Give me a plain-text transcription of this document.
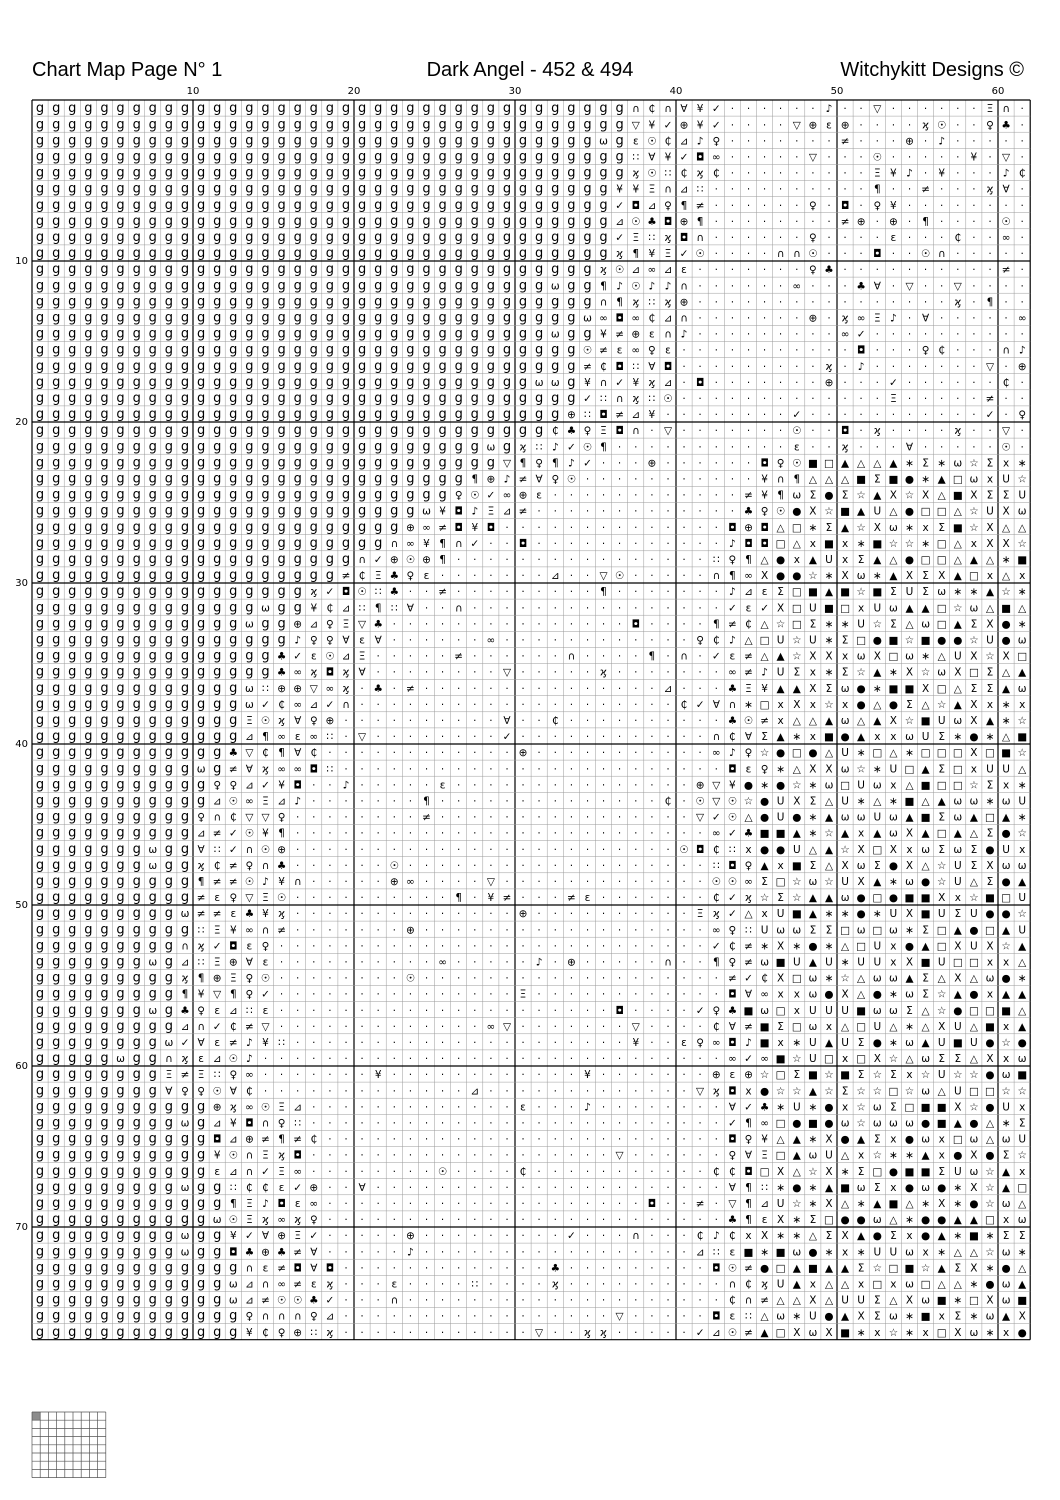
Chart Map Page N° 1	Dark Angel - 452 & 494	Witchykitt Designs ©
10	20	30	40	50	60
10
20
30
40
50
60
70
g g g g g g g g g g g g g g g g g g g g g g g g g g g g g g g g g g g g g ∩ ₵ ∩ ∀ ¥ ✓ · · · · · · ♪ · · ▽ · · · · · · Ξ ∩ ·
g g g g g g g g g g g g g g g g g g g g g g g g g g g g g g g g g g g g g ▽ ¥ ✓ ⊕ ¥ ✓ · · · · ▽ ⊕ ε ⊕ · · · · ϗ ☉ · · ♀ ♣ ·
g g g g g g g g g g g g g g g g g g g g g g g g g g g g g g g g g g g ω g ε ☉ ₵ ⊿ ♪ ♀ · · · · · · · ≠ · · · ⊕ · ♪ · · · · ·
g g g g g g g g g g g g g g g g g g g g g g g g g g g g g g g g g g g g g ∷ ∀ ¥ ✓ ◘ ∞ · · · · · ▽ · · · ☉ · · · · · ¥ · ▽ ·
g g g g g g g g g g g g g g g g g g g g g g g g g g g g g g g g g g g g g ϗ ☉ ∷ ₵ ϗ ₵ · · · · · · · · · Ξ ¥ ♪ · ¥ · · · ♪ ₵
g g g g g g g g g g g g g g g g g g g g g g g g g g g g g g g g g g g g ¥ ¥ Ξ ∩ ⊿ ∷ · · · · · · · · · · ¶ · · ≠ · · · ϗ ∀ ·
g g g g g g g g g g g g g g g g g g g g g g g g g g g g g g g g g g g g ✓ ◘ ⊿ ♀ ¶ ≠ · · · · · · ♀ · ◘ · ♀ ¥ · · · · · · · ·
g g g g g g g g g g g g g g g g g g g g g g g g g g g g g g g g g g g g ⊿ ☉ ♣ ◘ ⊕ ¶ · · · · · · · · ≠ ⊕ · ⊕ · ¶ · · · · ☉ ·
g g g g g g g g g g g g g g g g g g g g g g g g g g g g g g g g g g g g ✓ Ξ ∷ ϗ ◘ ∩ · · · · · · ♀ · · · · ε · · · ₵ · · ∞ ·
g g g g g g g g g g g g g g g g g g g g g g g g g g g g g g g g g g g g ϗ ¶ ¥ Ξ ✓ ☉ · · · · ∩ ∩ ☉ · · · ◘ · · ☉ ∩ · · · · ·
g g g g g g g g g g g g g g g g g g g g g g g g g g g g g g g g g g g ϗ ☉ ⊿ ∞ ⊿ ε · · · · · · · ♀ ♣ · · · · · · · · · · ≠ ·
g g g g g g g g g g g g g g g g g g g g g g g g g g g g g g g g ω g g ¶ ♪ ☉ ♪ ♪ ∩ · · · · · · ∞ · · · ♣ ∀ · ▽ · · ▽ · · · ·
g g g g g g g g g g g g g g g g g g g g g g g g g g g g g g g g g g g ∩ ¶ ϗ ∷ ϗ ⊕ · · · · · · · · · · · · · · · · ϗ · ¶ · ·
g g g g g g g g g g g g g g g g g g g g g g g g g g g g g g g g g g ω ∞ ◘ ∞ ₵ ⊿ ∩ · · · · · · · ⊕ · ϗ ∞ Ξ ♪ · ∀ · · · · · ∞
g g g g g g g g g g g g g g g g g g g g g g g g g g g g g g g g ω g g ¥ ≠ ⊕ ε ∩ ♪ · · · · · · · · · ∞ ✓ · · · · · · · · · ·
g g g g g g g g g g g g g g g g g g g g g g g g g g g g g g g g g g ☉ ≠ ε ∞ ♀ ε · · · · · · · · · · · ◘ · · · ♀ ₵ · · · ∩ ♪
g g g g g g g g g g g g g g g g g g g g g g g g g g g g g g g g g g ≠ ₵ ◘ ∷ ∀ ◘ · · · · · · · · · ϗ · ♪ · · · · · · · ▽ · ⊕
g g g g g g g g g g g g g g g g g g g g g g g g g g g g g g g ω ω g ¥ ∩ ✓ ¥ ϗ ⊿ · ◘ · · · · · · · ⊕ · · · ✓ · · · · · · ₵ ·
g g g g g g g g g g g g g g g g g g g g g g g g g g g g g g g g g g ✓ ∷ ∩ ϗ ∷ ☉ · · · · · · · · · · · · · Ξ · · · · · ≠ · ·
g g g g g g g g g g g g g g g g g g g g g g g g g g g g g g g g g ⊕ ∷ ◘ ≠ ⊿ ¥ · · · · · · · · ✓ · · · · · · · · · · · ✓ · ♀
g g g g g g g g g g g g g g g g g g g g g g g g g g g g g g g g ₵ ♣ ♀ Ξ ◘ ∩ · ▽ · · · · · · · ☉ · · ◘ · ϗ · · · · ϗ · · ▽ ·
g g g g g g g g g g g g g g g g g g g g g g g g g g g g ω g ϗ ∷ ♪ ✓ ☉ ¶ · · · · · · · · · · · ε · · ϗ · · · ∀ · · · · · ☉ ·
g g g g g g g g g g g g g g g g g g g g g g g g g g g g g ▽ ¶ ♀ ¶ ♪ ✓ · · · ⊕ · · · · · · ◘ ♀ ☉ ■ □ ▲ △ △ ▲ ∗ Σ ∗ ω ☆ Σ x ∗
g g g g g g g g g g g g g g g g g g g g g g g g g g g ¶ ⊕ ♪ ≠ ∀ ♀ ☉ · · · · · · · · · · · ¥ ∩ ¶ △ △ △ ■ Σ ■ ● ∗ ▲ □ ω x U ☆
g g g g g g g g g g g g g g g g g g g g g g g g g g ♀ ☉ ✓ ∞ ⊕ ε · · · · · · · · · · · · ≠ ¥ ¶ ω Σ ● Σ ☆ ▲ Χ ☆ Χ △ ■ Χ Σ Σ U
g g g g g g g g g g g g g g g g g g g g g g g g ω ¥ ◘ ♪ Ξ ⊿ ≠ · · · · · · · · · · · · · ♣ ♀ ☉ ● Χ ☆ ■ ▲ U △ ● □ □ △ ☆ U Χ ω
g g g g g g g g g g g g g g g g g g g g g g g ⊕ ∞ ≠ ◘ ¥ ◘ · · · · · · · · · · · · · · ◘ ⊕ ◘ △ □ ∗ Σ ▲ ☆ Χ ω ∗ x Σ ■ ☆ Χ △ △
g g g g g g g g g g g g g g g g g g g g g g ∩ ∞ ¥ ¶ ∩ ✓ · · ◘ · · · · · · · · · · · · ♪ ◘ ◘ □ △ x ■ x ∗ ■ ☆ ☆ ∗ □ △ x Χ Χ ☆
g g g g g g g g g g g g g g g g g g g g ∩ ✓ ⊕ ☉ ⊕ ¶ · · · · · · · · · · · · · · · · ∷ ♀ ¶ △ ● x ▲ U x Σ ▲ △ ● □ □ △ ▲ △ ∗ ■
g g g g g g g g g g g g g g g g g g g ≠ ₵ Ξ ♣ ♀ ε · · · · · · · ⊿ · · ▽ ☉ · · · · · ∩ ¶ ∞ Χ ● ● ☆ ∗ Χ ω ∗ ▲ Χ Σ Χ ▲ □ x △ x
g g g g g g g g g g g g g g g g g ϗ ✓ ◘ ☉ ∷ ♣ · · ≠ · · · · · · · · · ¶ · · · · · · · ♪ ⊿ ε Σ □ ■ ▲ ■ ☆ ■ Σ U Σ ω ∗ ∗ ▲ ☆ ∗
g g g g g g g g g g g g g g ω g g ¥ ₵ ⊿ ∷ ¶ ∷ ∀ · · ∩ · · · · · · · · · · · · · · · · ✓ ε ✓ Χ □ U ■ □ x U ω ▲ ▲ □ ☆ ω △ ■ △
g g g g g g g g g g g g g ω g g ⊕ ⊿ ♀ Ξ ▽ ♣ · · · · · · · · · · · · · · · ◘ · · · · ¶ ≠ ₵ △ ☆ □ Σ ∗ ∗ U ☆ Σ △ ω □ ▲ Σ Χ ● ∗
g g g g g g g g g g g g g g g g ♪ ♀ ♀ ∀ ε ∀ · · · · · · ∞ · · · · · · · · · · · · ♀ ₵ ♪ △ □ U ☆ U ∗ Σ □ ● ■ ☆ ■ ● ● ☆ U ● ω
g g g g g g g g g g g g g g g ♣ ✓ ε ☉ ⊿ Ξ · · · · · ≠ · · · · · · ∩ · · · · ¶ · ∩ · ✓ ε ≠ △ ▲ ☆ Χ Χ x ω Χ □ ω ∗ △ U Χ ☆ Χ □
g g g g g g g g g g g g g g g ♣ ∞ ϗ ◘ ϗ ∀ · · · · · · · · ▽ · · · · · ϗ · · · · · · · ∞ ≠ ♪ U Σ x ∗ Σ ☆ ▲ ∗ Χ ☆ ω Χ □ Σ △ ▲
g g g g g g g g g g g g g ω ∷ ⊕ ⊕ ▽ ∞ ϗ · ♣ · ≠ · · · · · · · · · · · · · · · ⊿ · · · ♣ Ξ ¥ ▲ ▲ Χ Σ ω ● ∗ ■ ■ Χ □ △ Σ Σ ▲ ω
g g g g g g g g g g g g g ω ✓ ₵ ∞ ⊿ ✓ ∩ · · · · · · · · · · · · · · · · · · · · ₵ ✓ ∀ ∩ ∗ □ x Χ x ☆ x ● △ ● Σ △ ☆ ▲ Χ x ∗ x
g g g g g g g g g g g g g Ξ ☉ ϗ ∀ ♀ ⊕ · · · · · · · · · · ∀ · · ₵ · · · · · · · · · · ♣ ☉ ≠ x △ △ ▲ ω △ ▲ Χ ☆ ■ U ω Χ ▲ ∗ ☆
g g g g g g g g g g g g g ⊿ ¶ ∞ ε ∞ ∷ · ▽ · · · · · · · · ✓ · · · · · · · · · · · · ∩ ₵ ∀ Σ ▲ ∗ x ■ ● ▲ x x ω U Σ ∗ ● ∗ △ ■
g g g g g g g g g g g g ♣ ▽ ₵ ¶ ∀ ₵ · · · · · · · · · · · · ⊕ · · · · · · · · · · · ∞ ♪ ♀ ☆ ● □ ● △ U ∗ □ △ ∗ □ □ □ Χ □ ■ ☆
g g g g g g g g g g ω g ≠ ∀ ϗ ∞ ∞ ◘ ∷ · · · · · · · · · · · · · · · · · · · · · · · · ◘ ε ♀ ∗ △ Χ Χ ω ☆ ∗ U □ ▲ Σ □ x U U △
g g g g g g g g g g g ♀ ♀ ⊿ ✓ ¥ ◘ · · ♪ · · · · · ε · · · · · · · · · · · · · · · ⊕ ▽ ¥ ● ∗ ● ☆ ∗ ω □ U ω x △ ■ □ □ ☆ Σ x ∗
g g g g g g g g g g g ⊿ ☉ ∞ Ξ ⊿ ♪ · · · · · · · ¶ · · · · · · · · · · · · · · ₵ · ☉ ▽ ☉ ☆ ● U Χ Σ △ U ∗ △ ∗ ■ △ ▲ ω ω ∗ ω U
g g g g g g g g g g ♀ ∩ ₵ ▽ ▽ ♀ · · · · · · · · ≠ · · · · · · · · · · · · · · · · ▽ ✓ ☉ △ ● U ● ∗ ▲ ω ω U ω ▲ ■ Σ ω ▲ □ ▲ ∗
g g g g g g g g g g ⊿ ≠ ✓ ☉ ¥ ¶ · · · · · · · · · · · · · · · · · · · · · · · · · · ∞ ✓ ♣ ■ ■ ▲ ∗ ☆ ▲ x ▲ ω Χ ▲ □ ▲ △ Σ ● ☆
g g g g g g g ω g g ∀ ∷ ✓ ∩ ☉ ⊕ · · · · · · · · · · · · · · · · · · · · · · · · ☉ ◘ ₵ ∷ x ● ● U △ ▲ ☆ Χ □ Χ x ω Σ ω Σ ● U x
g g g g g g g ω g g ϗ ₵ ≠ ♀ ∩ ♣ · · · · · · ☉ · · · · · · · · · · · · · · · · · · · ∷ ◘ ♀ ▲ x ■ Σ △ Χ ω Σ ● Χ △ ☆ U Σ Χ ω ω
g g g g g g g g g g ¶ ≠ ≠ ☉ ♪ ¥ ∩ · · · · · ⊕ ∞ · · · · ▽ · · · · · · · · · · · · · ☉ ☉ ∞ Σ □ ☆ ω ☆ U Χ ▲ ∗ ω ● ☆ U △ Σ ● ▲
g g g g g g g g g g ≠ ε ♀ ▽ Ξ ☉ · · · · · · · · · · ¶ · ¥ ≠ · · · ≠ ε · · · · · · · ₵ ✓ ϗ ☆ Σ ☆ ▲ ▲ ω ● □ ● ■ ■ Χ x ☆ ■ □ U
g g g g g g g g g ω ≠ ≠ ε ♣ ¥ ϗ · · · · · · · · · · · · · · ⊕ · · · · · · · · · · Ξ ϗ ✓ △ x U ■ ▲ ∗ ∗ ● ∗ U Χ ■ U Σ U ● ● ☆
g g g g g g g g g g ∷ Ξ ¥ ∞ ∩ ≠ · · · · · · · ⊕ · · · · · · · · · · · · · · · · · · ∞ ♀ ∷ U ω ω Σ Σ □ ω □ ω ∗ Σ □ ▲ ● □ ▲ U
g g g g g g g g g ∩ ϗ ✓ ◘ ε ♀ · · · · · · · · · · · · · · · · · · · · · · · · · · · ✓ ₵ ≠ ∗ Χ ∗ ● ∗ △ □ U x ● ▲ □ Χ U Χ ☆ ▲
g g g g g g g ω g ⊿ ∷ Ξ ⊕ ∀ ε · · · · · · · · · · ∞ · · · · · ♪ · ⊕ · · · · · ∩ · · ¶ ♀ ≠ ω ■ U ▲ U ∗ U U x Χ ■ U □ □ x x △
g g g g g g g g g ϗ ¶ ⊕ Ξ ♀ ☉ · · · · · · · · ☉ · · · · · · · · · · · · · · · · · · · ≠ ✓ ₵ Χ □ ω ∗ ☆ △ ω ω ▲ Σ △ Χ △ ω ● ∗
g g g g g g g g g ¶ ¥ ▽ ¶ ♀ ✓ · · · · · · · · · · · · · · · Ξ · · · · · · · · · · · · ◘ ∀ ∞ x x ω ● Χ △ ● ∗ ω Σ ☆ ▲ ● x ▲ ▲
g g g g g g g ω g ♣ ♀ ε ⊿ ∷ ε · · · · · · · · · · · · · · · · · · · · · ◘ · · · · ✓ ♀ ♣ ■ ω □ x U U U ■ ω ω Σ △ ☆ ● □ □ ■ △
g g g g g g g g g ⊿ ∩ ✓ ₵ ≠ ▽ · · · · · · · · · · · · · ∞ ▽ · · · · · · · ▽ · · · · ₵ ∀ ≠ ■ Σ □ ω x △ □ U △ ∗ △ Χ U △ ■ x ▲
g g g g g g g g ω ✓ ∀ ε ≠ ♪ ¥ ∷ · · · · · · · · · · · · · · · · · · · · · ¥ · · ε ♀ ∞ ◘ ♪ ■ x ∗ U ▲ U Σ ● ∗ ω ▲ U ■ U ● ☆ ●
g g g g g ω g g ∩ ϗ ε ⊿ ☉ ♪ · · · · · · · · · · · · · · · · · · · · · · · · · · · · · ∞ ✓ ∞ ■ ☆ U □ x □ Χ ☆ △ ω Σ Σ △ Χ x ω
g g g g g g g g Ξ ≠ Ξ ∷ ♀ ∞ · · · · · · · ¥ · · · · · · · · · · · · ¥ · · · · · · · ⊕ ε ⊕ ☆ □ Σ ■ ☆ ■ Σ ☆ Σ x ☆ U ☆ ☆ ● ω ■
g g g g g g g g ∀ ♀ ♀ ☉ ∀ ₵ · · · · · · · · · · · · · ⊿ · · · · · · · · · · · · · ▽ ϗ ◘ x ● ☆ ☆ ▲ ☆ Σ ☆ ☆ □ ☆ ω △ U □ □ ☆ ☆
g g g g g g g g g g g ⊕ ϗ ∞ ☉ Ξ ⊿ · · · · · · · · · · · · · ε · · · ♪ · · · · · · · · ∀ ✓ ♣ ∗ U ∗ ● x ☆ ω Σ □ ■ ■ Χ ☆ ● U x
g g g g g g g g g ω g ⊿ ¥ ◘ ∩ ♀ ∷ · · · · · · · · · · · · · · · · · · · · · · · · · · ✓ ¶ ∞ □ ● ■ ● ω ☆ ω ω ω ● ■ ▲ ● △ ∗ Σ
g g g g g g g g g g g ◘ ⊿ ⊕ ≠ ¶ ≠ ₵ · · · · · · · · · · · · · · · · · · · · · · · · · ◘ ♀ ¥ △ ▲ ∗ Χ ● ▲ Σ x ● ω x □ ω △ ω U
g g g g g g g g g g g ¥ ☉ ∩ Ξ ϗ ◘ · · · · · · · · · · · · · · · · · · · ▽ · · · · · · ♀ ∀ Ξ □ ▲ ω U △ x ☆ ∗ ∗ ▲ x ● Χ ● Σ ☆
g g g g g g g g g g g ε ⊿ ∩ ✓ Ξ ∞ · · · · · · · · ☉ · · · · ₵ · · · · · · · · · · · ₵ ₵ ◘ □ Χ △ ☆ Χ ∗ Σ □ ● ■ ■ Σ U ω ☆ ▲ x
g g g g g g g g g ω g g ∷ ₵ ₵ ε ✓ ⊕ · · ∀ · · · · · · · · · · · · · · · · · · · · · · ∀ ¶ ∷ ∗ ● ∗ ▲ ■ ω Σ x ● ω ● ∗ Χ ☆ ▲ □
g g g g g g g g g g g g ¶ Ξ ♪ ◘ ε ∞ · · · · · · · · · · · · · · · · · · · · ◘ · · ≠ · ▽ ¶ ⊿ U ☆ ∗ Χ △ ∗ ▲ ■ △ ∗ Χ ∗ ● ☆ ω △
g g g g g g g g g g g ω ☉ Ξ ϗ ∞ ϗ ♀ · · · · · · · · · · · · · · · · · · · · · · · · · ♣ ¶ ε Χ ∗ Σ □ ● ● ω △ ∗ ● ● ▲ ▲ □ x ω
g g g g g g g g g ω g g ¥ ✓ ∀ ⊕ Ξ ✓ · · · · · ⊕ · · · · · · · · · ✓ · · · ∩ · · · ₵ ♪ ₵ x Χ ∗ ∗ △ Σ Χ ▲ ● Σ x ● ▲ ∗ ■ ∗ Σ Σ
g g g g g g g g g ω g g ◘ ♣ ⊕ ♣ ≠ ∀ · · · · · ♪ · · · · · · · · · · · · · · · · · ⊿ ∷ ε ■ ∗ ■ ω ● ∗ x ∗ U U ω x ∗ △ △ ☆ ω ∗
g g g g g g g g g g g g g ∩ ε ≠ ◘ ∀ ◘ · · · · · · · · · · · · · ♣ · · · · · · · · · ◘ ☉ ≠ ● □ ▲ ■ ▲ ▲ Σ ☆ □ ■ ☆ ▲ Σ Χ ∗ ● △
g g g g g g g g g g g g ω ⊿ ∩ ∞ ≠ ε ϗ · · · ε · · · · ∷ · · · · ϗ · · · · · · · · · · ∩ ₵ ϗ U ▲ x △ △ x □ x ω □ △ △ ∗ ● ω ▲
g g g g g g g g g g g g ω ⊿ ≠ ☉ ☉ ♣ ✓ · · · ∩ · · · · · · · · · · · · · · · · · · · · ₵ ∩ ≠ △ △ Χ △ U U Σ △ Χ ω ■ ∗ □ Χ ω ■
g g g g g g g g g g g g g ♀ ∩ ∩ ∩ ♀ ⊿ · · · · · · · · · · · · · · · · · ▽ · · · · · ◘ ε ∷ △ ω ∗ U ● ▲ Χ Σ ω ∗ ■ x Σ ∗ ω ▲ Χ
g g g g g g g g g g g g g ¥ ₵ ♀ ⊕ ∷ ϗ · · · · · · · · · · · · ▽ · · ϗ ϗ · · · · · ✓ ⊿ ☉ ≠ ▲ □ Χ ω Χ ■ ∗ x ☆ ∗ x □ Χ ω ∗ x ●
